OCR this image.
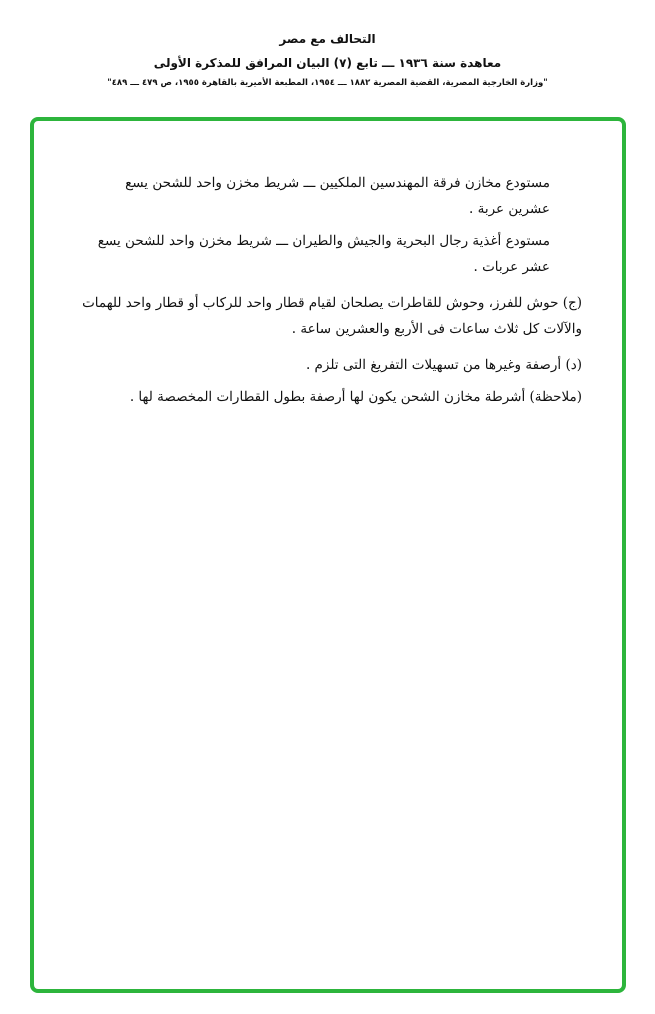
التحالف مع مصر
معاهدة سنة ١٩٣٦ ـــ تابع (٧) البيان المرافق للمذكرة الأولى
"وزارة الخارجية المصرية، القضية المصرية ١٨٨٢ ـــ ١٩٥٤، المطبعة الأميرية بالقاهرة ١٩٥٥، ص ٤٧٩ ـــ ٤٨٩"

مستودع مخازن فرقة المهندسين الملكيين ـــ شريط مخزن واحد للشحن يسع عشرين عربة .

مستودع أغذية رجال البحرية والجيش والطيران ـــ شريط مخزن واحد للشحن يسع عشر عربات .

(ج) حوش للفرز، وحوش للقاطرات يصلحان لقيام قطار واحد للركاب أو قطار واحد للهمات والآلات كل ثلاث ساعات فى الأربع والعشرين ساعة .

(د) أرصفة وغيرها من تسهيلات التفريغ التى تلزم .

(ملاحظة) أشرطة مخازن الشحن يكون لها أرصفة بطول القطارات المخصصة لها .
